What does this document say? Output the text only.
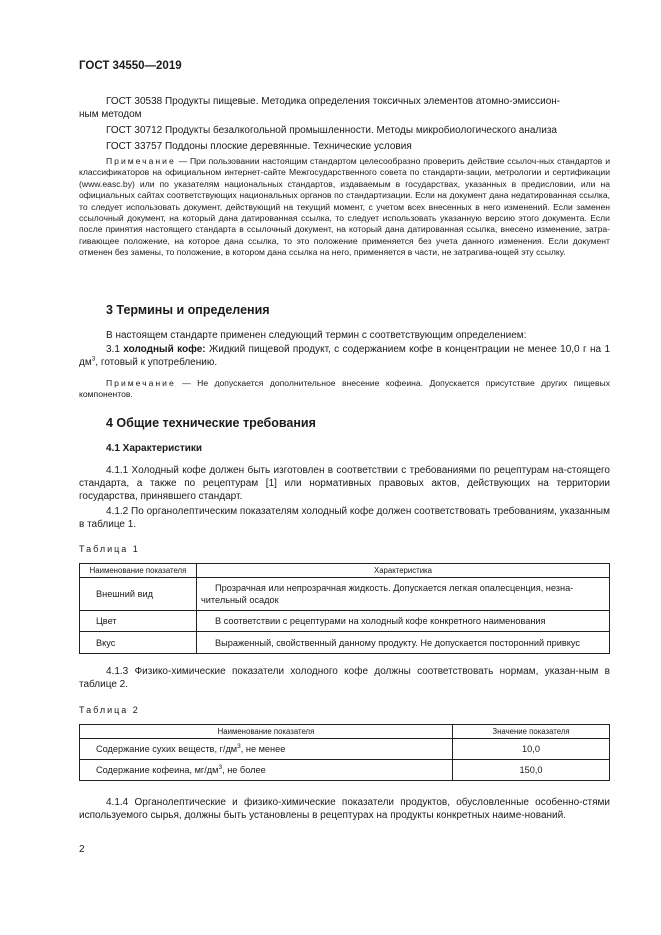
ГОСТ 34550—2019
ГОСТ 30538 Продукты пищевые. Методика определения токсичных элементов атомно-эмиссион-
ным методом
ГОСТ 30712 Продукты безалкогольной промышленности. Методы микробиологического анализа
ГОСТ 33757 Поддоны плоские деревянные. Технические условия
Примечание — При пользовании настоящим стандартом целесообразно проверить действие ссылоч-ных стандартов и классификаторов на официальном интернет-сайте Межгосударственного совета по стандарти-зации, метрологии и сертификации (www.easc.by) или по указателям национальных стандартов, издаваемым в государствах, указанных в предисловии, или на официальных сайтах соответствующих национальных органов по стандартизации. Если на документ дана недатированная ссылка, то следует использовать документ, действующий на текущий момент, с учетом всех внесенных в него изменений. Если заменен ссылочный документ, на который дана датированная ссылка, то следует использовать указанную версию этого документа. Если после принятия настоящего стандарта в ссылочный документ, на который дана датированная ссылка, внесено изменение, затра-гивающее положение, на которое дана ссылка, то это положение применяется без учета данного изменения. Если документ отменен без замены, то положение, в котором дана ссылка на него, применяется в части, не затрагива-ющей эту ссылку.
3 Термины и определения
В настоящем стандарте применен следующий термин с соответствующим определением:
3.1 холодный кофе: Жидкий пищевой продукт, с содержанием кофе в концентрации не менее 10,0 г на 1 $дм^3$, готовый к употреблению.
Примечание — Не допускается дополнительное внесение кофеина. Допускается присутствие других пищевых компонентов.
4 Общие технические требования
4.1 Характеристики
4.1.1 Холодный кофе должен быть изготовлен в соответствии с требованиями по рецептурам на-стоящего стандарта, а также по рецептурам [1] или нормативных правовых актов, действующих на территории государства, принявшего стандарт.
4.1.2 По органолептическим показателям холодный кофе должен соответствовать требованиям, указанным в таблице 1.
Таблица 1
Наименование показателя	Характеристика
Внешний вид	Прозрачная или непрозрачная жидкость. Допускается легкая опалесценция, незна-чительный осадок
Цвет	В соответствии с рецептурами на холодный кофе конкретного наименования
Вкус	Выраженный, свойственный данному продукту. Не допускается посторонний привкус
4.1.3 Физико-химические показатели холодного кофе должны соответствовать нормам, указан-ным в таблице 2.
Таблица 2
Наименование показателя	Значение показателя
Содержание сухих веществ, $г/дм^3$, не менее	10,0
Содержание кофеина, $мг/дм^3$, не более	150,0
4.1.4 Органолептические и физико-химические показатели продуктов, обусловленные особенно-стями используемого сырья, должны быть установлены в рецептурах на продукты конкретных наиме-нований.
2
